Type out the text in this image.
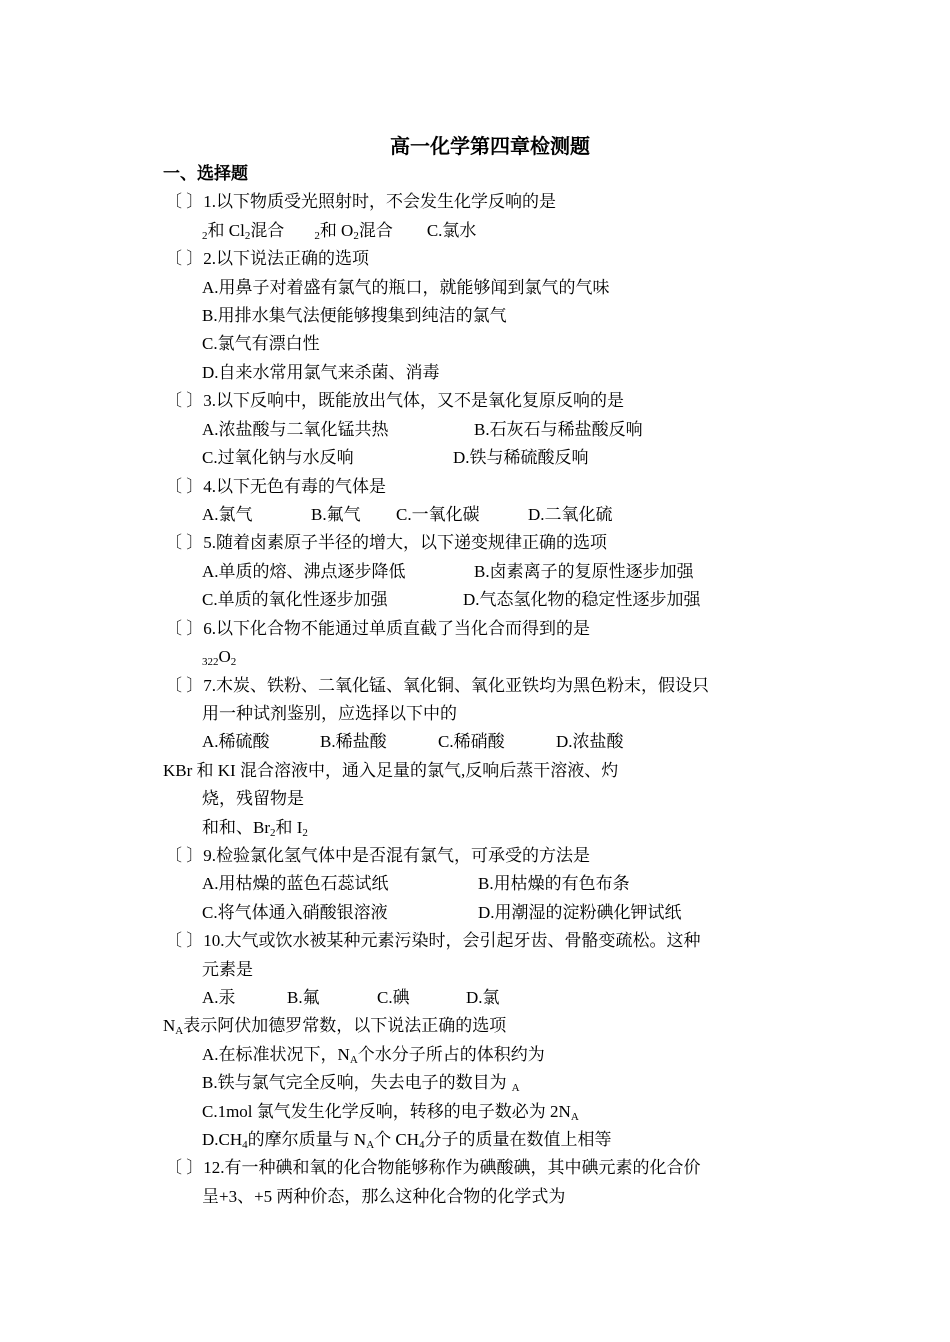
高一化学第四章检测题
一、选择题
〔 〕1.以下物质受光照射时，不会发生化学反响的是
$_2$和 $Cl_2$混合	$_2$和 $O_2$混合 C.氯水
〔 〕2.以下说法正确的选项
A.用鼻子对着盛有氯气的瓶口，就能够闻到氯气的气味
B.用排水集气法便能够搜集到纯洁的氯气
C.氯气有漂白性
D.自来水常用氯气来杀菌、消毒
〔 〕3.以下反响中，既能放出气体，又不是氧化复原反响的是
A.浓盐酸与二氧化锰共热	B.石灰石与稀盐酸反响
C.过氧化钠与水反响	D.铁与稀硫酸反响
〔 〕4.以下无色有毒的气体是
A.氯气	B.氟气 C.一氧化碳	D.二氧化硫
〔 〕5.随着卤素原子半径的增大，以下递变规律正确的选项
A.单质的熔、沸点逐步降低	B.卤素离子的复原性逐步加强
C.单质的氧化性逐步加强	D.气态氢化物的稳定性逐步加强
〔 〕6.以下化合物不能通过单质直截了当化合而得到的是
$_{322}O_2$
〔 〕7.木炭、铁粉、二氧化锰、氧化铜、氧化亚铁均为黑色粉末，假设只
用一种试剂鉴别，应选择以下中的
A.稀硫酸	B.稀盐酸	C.稀硝酸	D.浓盐酸
KBr 和 KI 混合溶液中，通入足量的氯气,反响后蒸干溶液、灼
烧，残留物是
和和、$Br_2$和 $I_2$
〔 〕9.检验氯化氢气体中是否混有氯气，可承受的方法是
A.用枯燥的蓝色石蕊试纸	B.用枯燥的有色布条
C.将气体通入硝酸银溶液	D.用潮湿的淀粉碘化钾试纸
〔 〕10.大气或饮水被某种元素污染时，会引起牙齿、骨骼变疏松。这种
元素是
A.汞	B.氟	C.碘	D.氯
$N_A$表示阿伏加德罗常数，以下说法正确的选项
A.在标准状况下，$N_A$个水分子所占的体积约为
B.铁与氯气完全反响，失去电子的数目为 $_A$
C.1mol 氯气发生化学反响，转移的电子数必为 $2N_A$
$D.CH_4$的摩尔质量与 $N_A$个 $CH_4$分子的质量在数值上相等
〔 〕12.有一种碘和氧的化合物能够称作为碘酸碘，其中碘元素的化合价
呈+3、+5 两种价态，那么这种化合物的化学式为
